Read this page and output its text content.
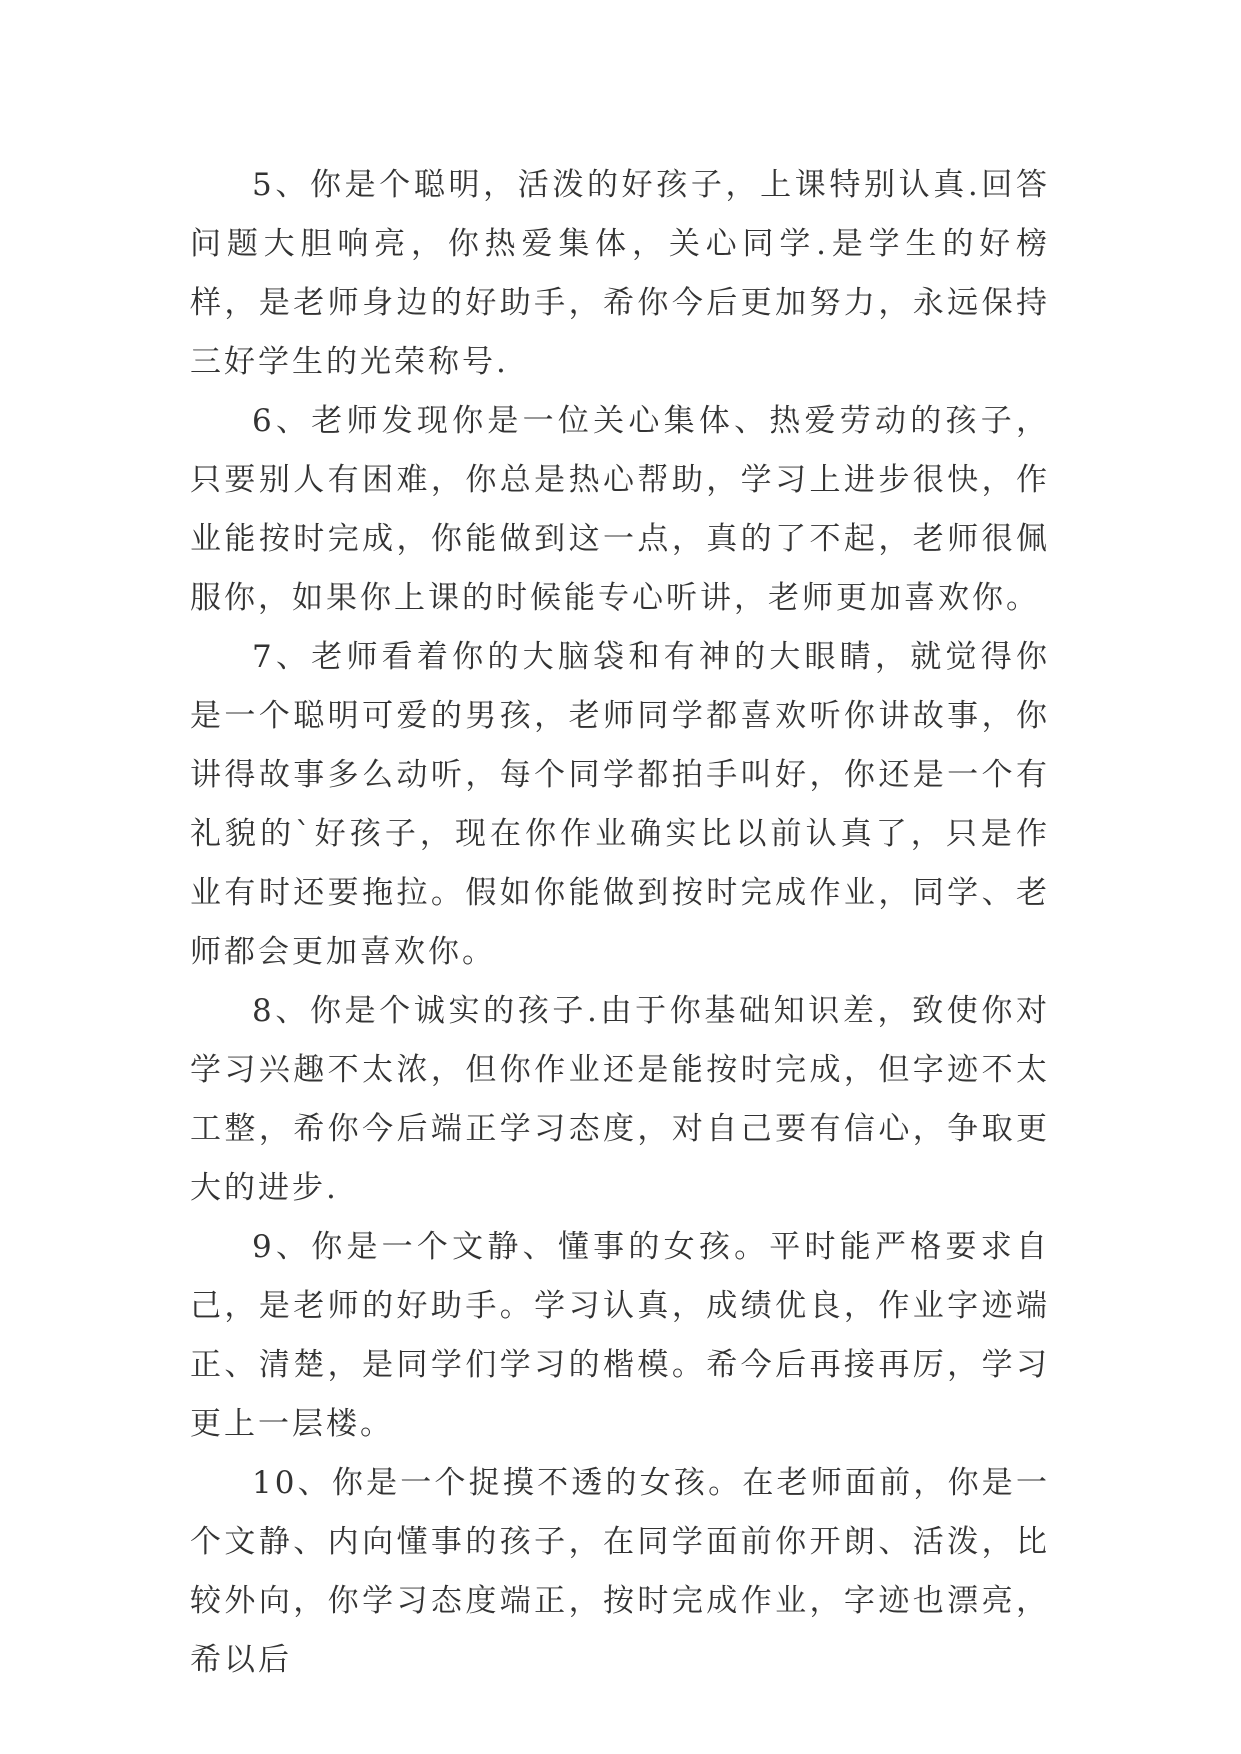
5、你是个聪明，活泼的好孩子，上课特别认真.回答问题大胆响亮，你热爱集体，关心同学.是学生的好榜样，是老师身边的好助手，希你今后更加努力，永远保持三好学生的光荣称号.

6、老师发现你是一位关心集体、热爱劳动的孩子，只要别人有困难，你总是热心帮助，学习上进步很快，作业能按时完成，你能做到这一点，真的了不起，老师很佩服你，如果你上课的时候能专心听讲，老师更加喜欢你。

7、老师看着你的大脑袋和有神的大眼睛，就觉得你是一个聪明可爱的男孩，老师同学都喜欢听你讲故事，你讲得故事多么动听，每个同学都拍手叫好，你还是一个有礼貌的`好孩子，现在你作业确实比以前认真了，只是作业有时还要拖拉。假如你能做到按时完成作业，同学、老师都会更加喜欢你。

8、你是个诚实的孩子.由于你基础知识差，致使你对学习兴趣不太浓，但你作业还是能按时完成，但字迹不太工整，希你今后端正学习态度，对自己要有信心，争取更大的进步.

9、你是一个文静、懂事的女孩。平时能严格要求自己，是老师的好助手。学习认真，成绩优良，作业字迹端正、清楚，是同学们学习的楷模。希今后再接再厉，学习更上一层楼。

10、你是一个捉摸不透的女孩。在老师面前，你是一个文静、内向懂事的孩子，在同学面前你开朗、活泼，比较外向，你学习态度端正，按时完成作业，字迹也漂亮，希以后
